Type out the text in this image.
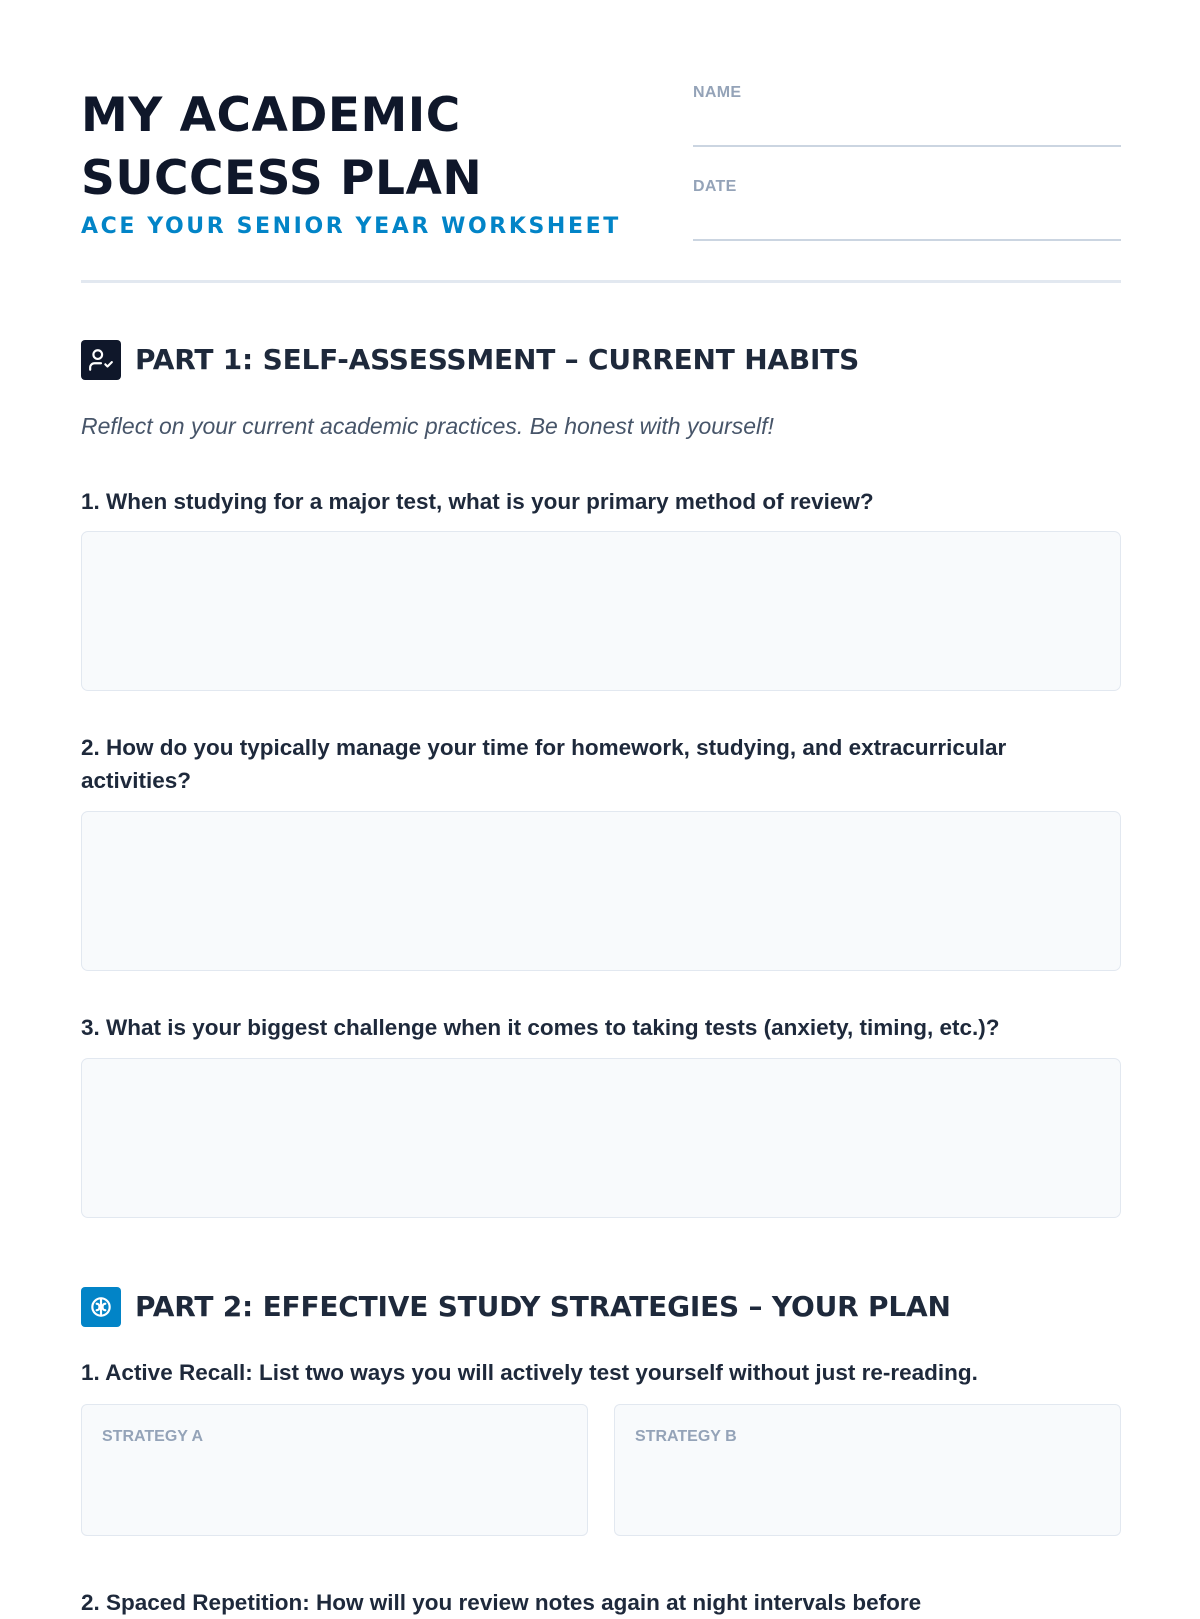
MY ACADEMIC
SUCCESS PLAN
ACE YOUR SENIOR YEAR WORKSHEET
NAME
DATE
PART 1: SELF-ASSESSMENT – CURRENT HABITS
Reflect on your current academic practices. Be honest with yourself!
1. When studying for a major test, what is your primary method of review?
2. How do you typically manage your time for homework, studying, and extracurricular activities?
3. What is your biggest challenge when it comes to taking tests (anxiety, timing, etc.)?
PART 2: EFFECTIVE STUDY STRATEGIES – YOUR PLAN
1. Active Recall: List two ways you will actively test yourself without just re-reading.
STRATEGY A	STRATEGY B
2. Spaced Repetition: How will you review notes again at night intervals before
